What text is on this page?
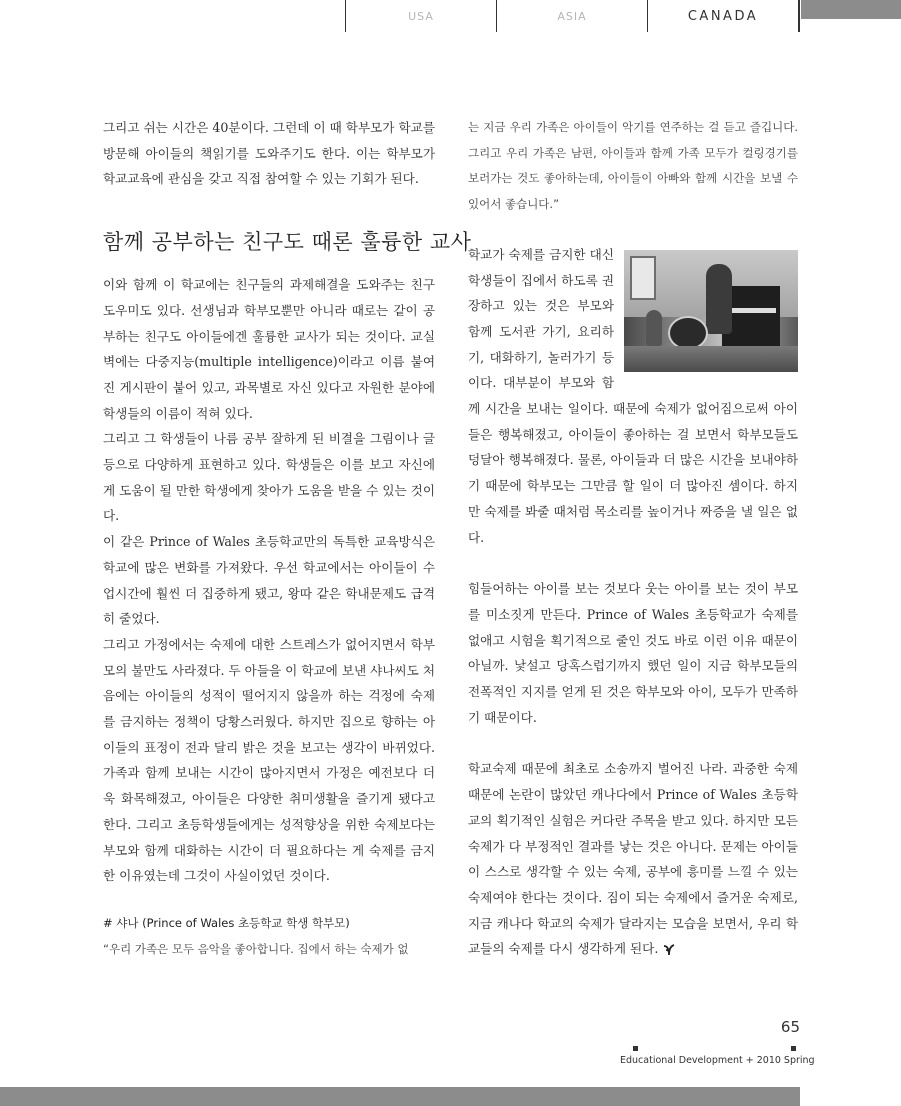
USA	ASIA	CANADA

그리고 쉬는 시간은 40분이다. 그런데 이 때 학부모가 학교를 방문해 아이들의 책읽기를 도와주기도 한다. 이는 학부모가 학교교육에 관심을 갖고 직접 참여할 수 있는 기회가 된다.

함께 공부하는 친구도 때론 훌륭한 교사

이와 함께 이 학교에는 친구들의 과제해결을 도와주는 친구도우미도 있다. 선생님과 학부모뿐만 아니라 때로는 같이 공부하는 친구도 아이들에겐 훌륭한 교사가 되는 것이다. 교실 벽에는 다중지능(multiple intelligence)이라고 이름 붙여진 게시판이 붙어 있고, 과목별로 자신 있다고 자원한 분야에 학생들의 이름이 적혀 있다.

그리고 그 학생들이 나름 공부 잘하게 된 비결을 그림이나 글 등으로 다양하게 표현하고 있다. 학생들은 이를 보고 자신에게 도움이 될 만한 학생에게 찾아가 도움을 받을 수 있는 것이다.

이 같은 Prince of Wales 초등학교만의 독특한 교육방식은 학교에 많은 변화를 가져왔다. 우선 학교에서는 아이들이 수업시간에 훨씬 더 집중하게 됐고, 왕따 같은 학내문제도 급격히 줄었다.

그리고 가정에서는 숙제에 대한 스트레스가 없어지면서 학부모의 불만도 사라졌다. 두 아들을 이 학교에 보낸 샤나씨도 처음에는 아이들의 성적이 떨어지지 않을까 하는 걱정에 숙제를 금지하는 정책이 당황스러웠다. 하지만 집으로 향하는 아이들의 표정이 전과 달리 밝은 것을 보고는 생각이 바뀌었다. 가족과 함께 보내는 시간이 많아지면서 가정은 예전보다 더욱 화목해졌고, 아이들은 다양한 취미생활을 즐기게 됐다고 한다. 그리고 초등학생들에게는 성적향상을 위한 숙제보다는 부모와 함께 대화하는 시간이 더 필요하다는 게 숙제를 금지한 이유였는데 그것이 사실이었던 것이다.

# 샤나 (Prince of Wales 초등학교 학생 학부모)

“우리 가족은 모두 음악을 좋아합니다. 집에서 하는 숙제가 없

는 지금 우리 가족은 아이들이 악기를 연주하는 걸 듣고 즐깁니다. 그리고 우리 가족은 남편, 아이들과 함께 가족 모두가 컬링경기를 보러가는 것도 좋아하는데, 아이들이 아빠와 함께 시간을 보낼 수 있어서 좋습니다.”

학교가 숙제를 금지한 대신 학생들이 집에서 하도록 권장하고 있는 것은 부모와 함께 도서관 가기, 요리하기, 대화하기, 놀러가기 등이다. 대부분이 부모와 함께 시간을 보내는 일이다. 때문에 숙제가 없어짐으로써 아이들은 행복해졌고, 아이들이 좋아하는 걸 보면서 학부모들도 덩달아 행복해졌다. 물론, 아이들과 더 많은 시간을 보내야하기 때문에 학부모는 그만큼 할 일이 더 많아진 셈이다. 하지만 숙제를 봐줄 때처럼 목소리를 높이거나 짜증을 낼 일은 없다.

힘들어하는 아이를 보는 것보다 웃는 아이를 보는 것이 부모를 미소짓게 만든다. Prince of Wales 초등학교가 숙제를 없애고 시험을 획기적으로 줄인 것도 바로 이런 이유 때문이 아닐까. 낯설고 당혹스럽기까지 했던 일이 지금 학부모들의 전폭적인 지지를 얻게 된 것은 학부모와 아이, 모두가 만족하기 때문이다.

학교숙제 때문에 최초로 소송까지 벌어진 나라. 과중한 숙제 때문에 논란이 많았던 캐나다에서 Prince of Wales 초등학교의 획기적인 실험은 커다란 주목을 받고 있다. 하지만 모든 숙제가 다 부정적인 결과를 낳는 것은 아니다. 문제는 아이들이 스스로 생각할 수 있는 숙제, 공부에 흥미를 느낄 수 있는 숙제여야 한다는 것이다. 짐이 되는 숙제에서 즐거운 숙제로, 지금 캐나다 학교의 숙제가 달라지는 모습을 보면서, 우리 학교들의 숙제를 다시 생각하게 된다.

65
Educational Development + 2010 Spring
